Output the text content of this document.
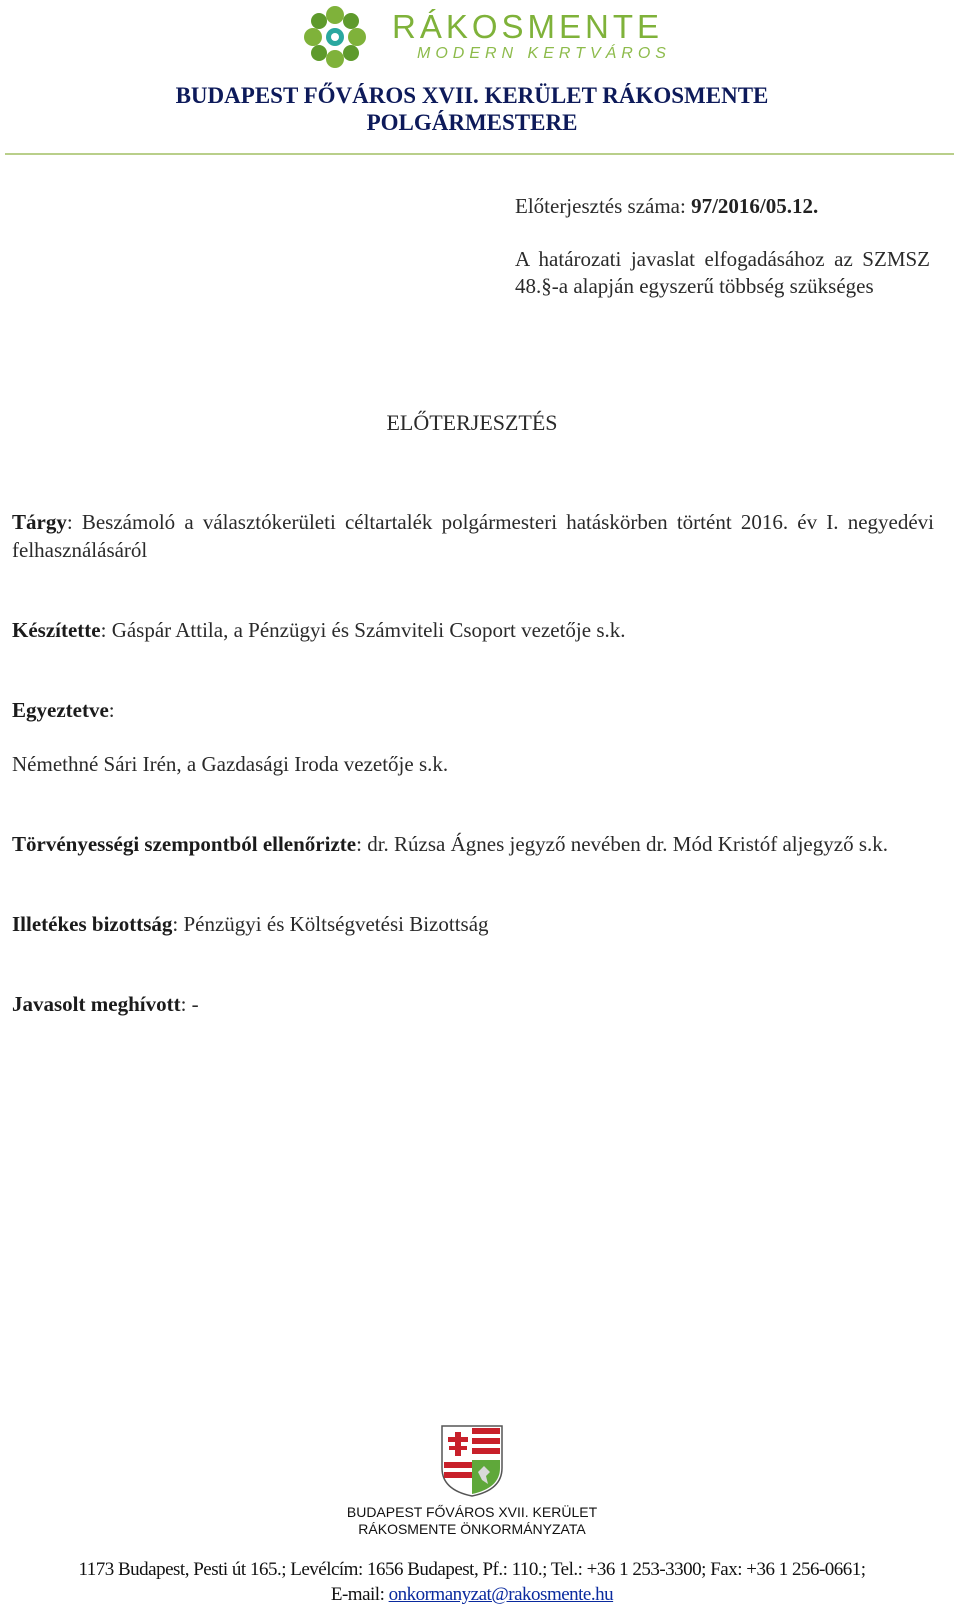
RÁKOSMENTE
MODERN KERTVÁROS
BUDAPEST FŐVÁROS XVII. KERÜLET RÁKOSMENTE
POLGÁRMESTERE
Előterjesztés száma: 97/2016/05.12.
A határozati javaslat elfogadásához az SZMSZ 48.§-a alapján egyszerű többség szükséges
ELŐTERJESZTÉS
Tárgy: Beszámoló a választókerületi céltartalék polgármesteri hatáskörben történt 2016. év I. negyedévi felhasználásáról
Készítette: Gáspár Attila, a Pénzügyi és Számviteli Csoport vezetője s.k.
Egyeztetve:
Némethné Sári Irén, a Gazdasági Iroda vezetője s.k.
Törvényességi szempontból ellenőrizte: dr. Rúzsa Ágnes jegyző nevében dr. Mód Kristóf aljegyző s.k.
Illetékes bizottság: Pénzügyi és Költségvetési Bizottság
Javasolt meghívott: -
BUDAPEST FŐVÁROS XVII. KERÜLET
RÁKOSMENTE ÖNKORMÁNYZATA
1173 Budapest, Pesti út 165.; Levélcím: 1656 Budapest, Pf.: 110.; Tel.: +36 1 253-3300; Fax: +36 1 256-0661;
E-mail: onkormanyzat@rakosmente.hu
